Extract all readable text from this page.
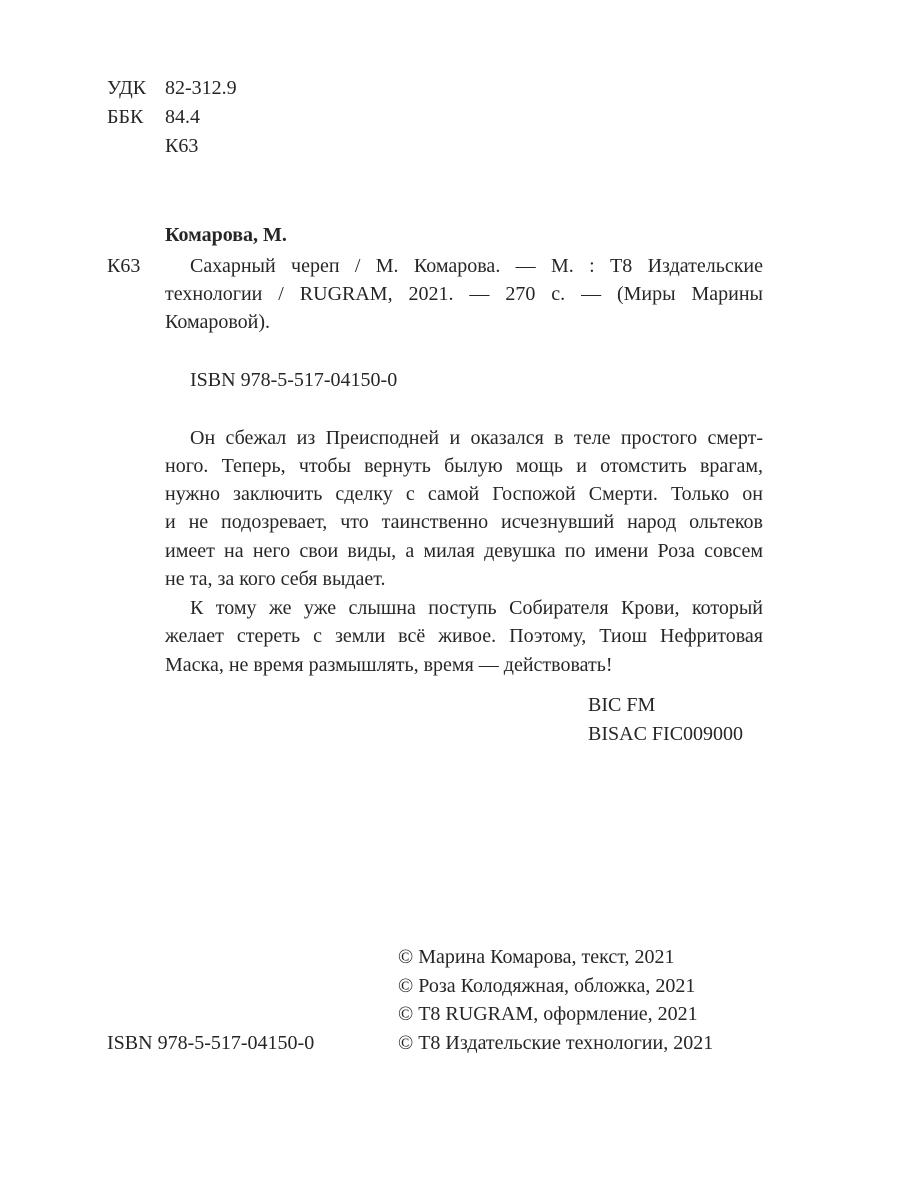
УДК 82-312.9
ББК 84.4
К63
Комарова, М.
К63 Сахарный череп / М. Комарова. — М. : Т8 Издательские
технологии / RUGRAM, 2021. — 270 с. — (Миры Марины
Комаровой).
ISBN 978-5-517-04150-0
Он сбежал из Преисподней и оказался в теле простого смерт-
ного. Теперь, чтобы вернуть былую мощь и отомстить врагам,
нужно заключить сделку с самой Госпожой Смерти. Только он
и не подозревает, что таинственно исчезнувший народ ольтеков
имеет на него свои виды, а милая девушка по имени Роза совсем
не та, за кого себя выдает.
К тому же уже слышна поступь Собирателя Крови, который
желает стереть с земли всё живое. Поэтому, Тиош Нефритовая
Маска, не время размышлять, время — действовать!
BIC FM
BISAC FIC009000
© Марина Комарова, текст, 2021
© Роза Колодяжная, обложка, 2021
© Т8 RUGRAM, оформление, 2021
© Т8 Издательские технологии, 2021
ISBN 978-5-517-04150-0
